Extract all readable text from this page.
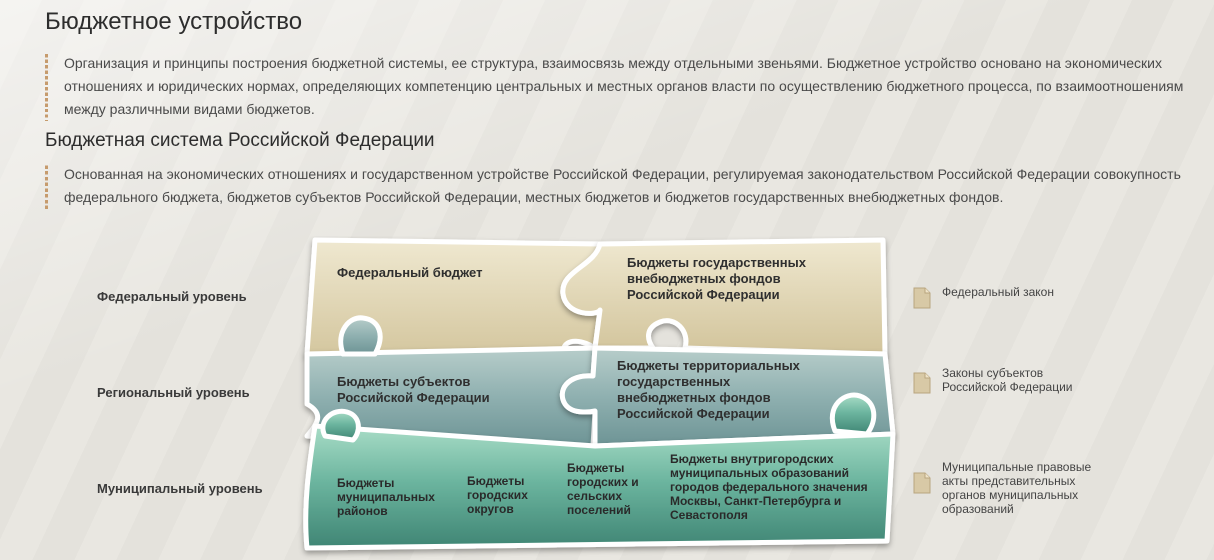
Бюджетное устройство
Организация и принципы построения бюджетной системы, ее структура, взаимосвязь между отдельными звеньями. Бюджетное устройство основано на экономических отношениях и юридических нормах, определяющих компетенцию центральных и местных органов власти по осуществлению бюджетного процесса, по взаимоотношениям между различными видами бюджетов.
Бюджетная система Российской Федерации
Основанная на экономических отношениях и государственном устройстве Российской Федерации, регулируемая законодательством Российской Федерации совокупность федерального бюджета, бюджетов субъектов Российской Федерации, местных бюджетов и бюджетов государственных внебюджетных фондов.
Федеральный уровень
Региональный уровень
Муниципальный уровень
Федеральный бюджет
Бюджеты государственных
внебюджетных фондов
Российской Федерации
Бюджеты субъектов
Российской Федерации
Бюджеты территориальных
государственных
внебюджетных фондов
Российской Федерации
Бюджеты
муниципальных
районов
Бюджеты
городских
округов
Бюджеты
городских и
сельских
поселений
Бюджеты внутригородских
муниципальных образований
городов федерального значения
Москвы, Санкт-Петербурга и
Севастополя
Федеральный закон
Законы субъектов
Российской Федерации
Муниципальные правовые
акты представительных
органов муниципальных
образований
